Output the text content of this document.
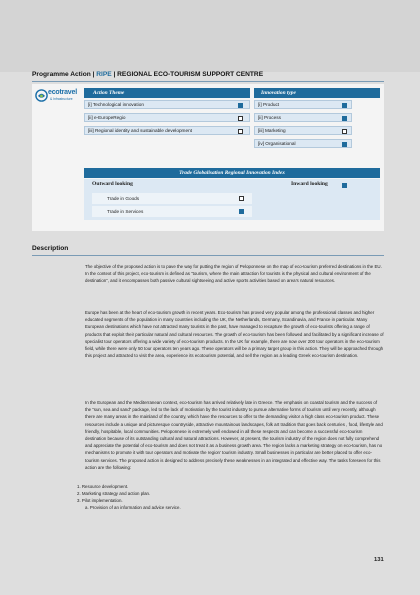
Programme Action | RIPE | REGIONAL ECO-TOURISM SUPPORT CENTRE
ecotravel
& Infrastructure
Action Theme	Innovation type
[i] Technological innovation
[ii] e-EuropeRegio
[iii] Regional identity and sustainable development
[i] Product
[ii] Process
[iii] Marketing
[iv] Organisational
Trade Globalisation Regional Innovation Index
Outward looking	Inward looking
Trade in Goods
Trade in Services
Description
The objective of the proposed action is to pave the way for putting the region of Peloponnese on the map of eco-tourism preferred destinations in the EU. In the context of this project, eco-tourism is defined as “tourism, where the main attraction for tourists is the physical and cultural environment of the destination”, and it encompasses both passive cultural sightseeing and active sports activities based on area’s natural resources.
Europe has been at the heart of eco-tourism growth in recent years. Eco-tourism has proved very popular among the professional classes and higher educated segments of the population in many countries including the UK, the Netherlands, Germany, Scandinavia, and France in particular. Many European destinations which have not attracted many tourists in the past, have managed to recapture the growth of eco-tourists offering a range of products that exploit their particular natural and cultural resources. The growth of eco-tourism has been followed and facilitated by a significant increase of specialist tour operators offering a wide variety of eco-tourism products. In the UK for example, there are now over 200 tour operators in the eco-tourism field, while there were only 50 tour operators ten years ago. These operators will be a primary target group in this action. They will be approached through this project and attracted to visit the area, experience its ecotourism potential, and sell the region as a leading Greek eco-tourism destination.
In the European and the Mediterranean context, eco-tourism has arrived relatively late in Greece. The emphasis on coastal tourism and the success of the “sun, sea and sand” package, led to the lack of motivation by the tourist industry to pursue alternative forms of tourism until very recently, although there are many areas in the mainland of the country, which have the resources to offer to the demanding visitor a high class eco-tourism product. These resources include a unique and picturesque countryside, attractive mountainous landscapes, folk art tradition that goes back centuries , food, lifestyle and friendly, hospitable, local communities. Peloponnese is extremely well endowed in all these respects and can become a successful eco-tourism destination because of its outstanding cultural and natural attractions. However, at present, the tourism industry of the region does not fully comprehend and appreciate the potential of eco-tourism and does not treat it as a business growth area. The region lacks a marketing strategy on eco-tourism, has no mechanisms to promote it with tour operators and motivate the region’ tourism industry. Small businesses in particular are better placed to offer eco-tourism services. The proposed action is designed to address precisely these weaknesses in an integrated and effective way. The tasks foreseen for this action are the following:
1. Resource development.
2. Marketing strategy and action plan.
3. Pilot implementation.
a. Provision of an information and advice service.
131
